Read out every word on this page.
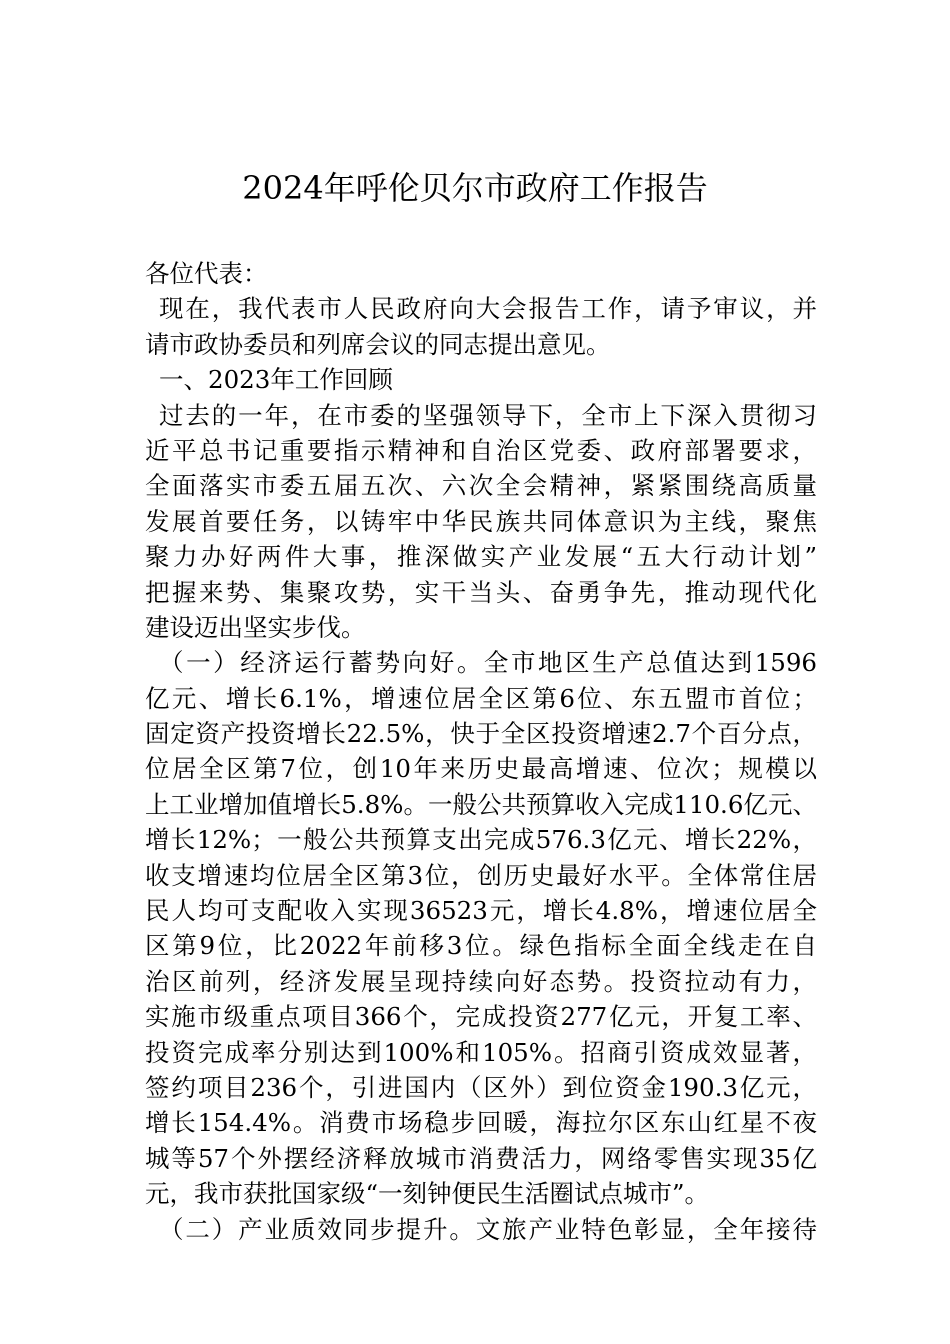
2024年呼伦贝尔市政府工作报告
各位代表：
现在，我代表市人民政府向大会报告工作，请予审议，并
请市政协委员和列席会议的同志提出意见。
一、2023年工作回顾
过去的一年，在市委的坚强领导下，全市上下深入贯彻习
近平总书记重要指示精神和自治区党委、政府部署要求，
全面落实市委五届五次、六次全会精神，紧紧围绕高质量
发展首要任务，以铸牢中华民族共同体意识为主线，聚焦
聚力办好两件大事，推深做实产业发展“五大行动计划”
把握来势、集聚攻势，实干当头、奋勇争先，推动现代化
建设迈出坚实步伐。
（一）经济运行蓄势向好。全市地区生产总值达到1596
亿元、增长6.1%，增速位居全区第6位、东五盟市首位；
固定资产投资增长22.5%，快于全区投资增速2.7个百分点，
位居全区第7位，创10年来历史最高增速、位次；规模以
上工业增加值增长5.8%。一般公共预算收入完成110.6亿元、
增长12%；一般公共预算支出完成576.3亿元、增长22%，
收支增速均位居全区第3位，创历史最好水平。全体常住居
民人均可支配收入实现36523元，增长4.8%，增速位居全
区第9位，比2022年前移3位。绿色指标全面全线走在自
治区前列，经济发展呈现持续向好态势。投资拉动有力，
实施市级重点项目366个，完成投资277亿元，开复工率、
投资完成率分别达到100%和105%。招商引资成效显著，
签约项目236个，引进国内（区外）到位资金190.3亿元，
增长154.4%。消费市场稳步回暖，海拉尔区东山红星不夜
城等57个外摆经济释放城市消费活力，网络零售实现35亿
元，我市获批国家级“一刻钟便民生活圈试点城市”。
（二）产业质效同步提升。文旅产业特色彰显，全年接待
